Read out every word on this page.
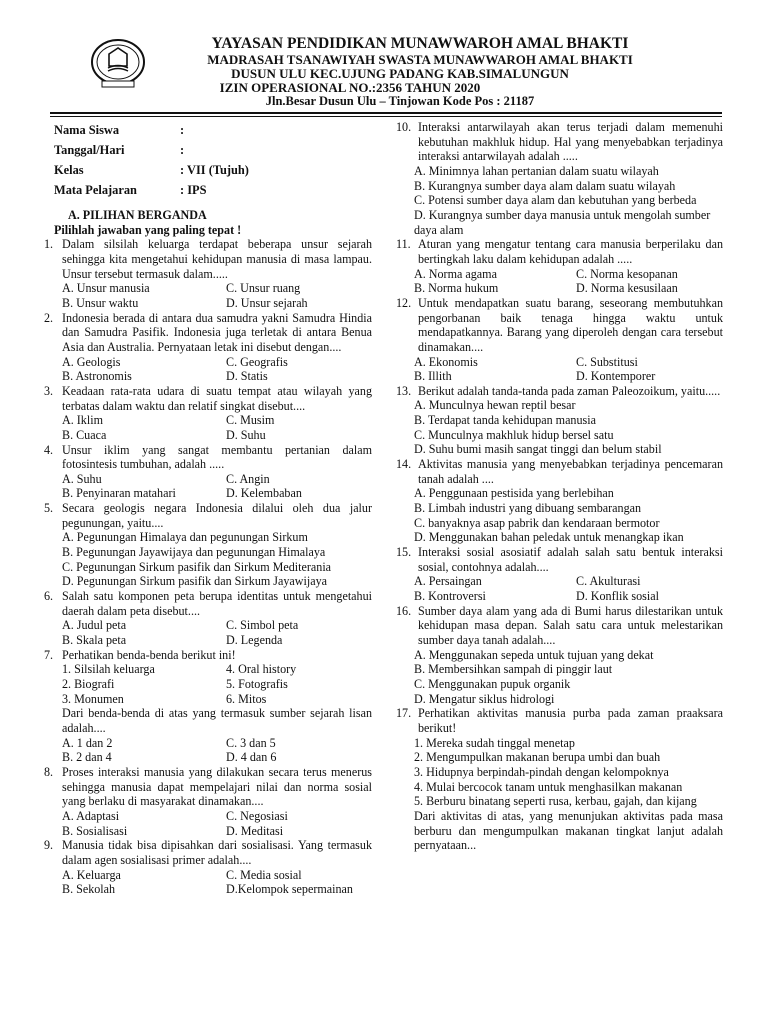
YAYASAN PENDIDIKAN MUNAWWAROH AMAL BHAKTI
MADRASAH TSANAWIYAH SWASTA MUNAWWAROH AMAL BHAKTI
DUSUN ULU KEC.UJUNG PADANG KAB.SIMALUNGUN
IZIN OPERASIONAL NO.:2356 TAHUN 2020
Jln.Besar Dusun Ulu – Tinjowan Kode Pos : 21187
Nama Siswa	:
Tanggal/Hari	:
Kelas	: VII (Tujuh)
Mata Pelajaran	: IPS
A. PILIHAN BERGANDA
Pilihlah jawaban yang paling tepat !
1. Dalam silsilah keluarga terdapat beberapa unsur sejarah sehingga kita mengetahui kehidupan manusia di masa lampau. Unsur tersebut termasuk dalam.....
A. Unsur manusia	C. Unsur ruang
B. Unsur waktu	D. Unsur sejarah
2. Indonesia berada di antara dua samudra yakni Samudra Hindia dan Samudra Pasifik. Indonesia juga terletak di antara Benua Asia dan Australia. Pernyataan letak ini disebut dengan....
A. Geologis	C. Geografis
B. Astronomis	D. Statis
3. Keadaan rata-rata udara di suatu tempat atau wilayah yang terbatas dalam waktu dan relatif singkat disebut....
A. Iklim	C. Musim
B. Cuaca	D. Suhu
4. Unsur iklim yang sangat membantu pertanian dalam fotosintesis tumbuhan, adalah .....
A. Suhu	C. Angin
B. Penyinaran matahari	D. Kelembaban
5. Secara geologis negara Indonesia dilalui oleh dua jalur pegunungan, yaitu....
A. Pegunungan Himalaya dan pegunungan Sirkum
B. Pegunungan Jayawijaya dan pegunungan Himalaya
C. Pegunungan Sirkum pasifik dan Sirkum Mediterania
D. Pegunungan Sirkum pasifik dan Sirkum Jayawijaya
6. Salah satu komponen peta berupa identitas untuk mengetahui daerah dalam peta disebut....
A. Judul peta	C. Simbol peta
B. Skala peta	D. Legenda
7. Perhatikan benda-benda berikut ini!
1. Silsilah keluarga	4. Oral history
2. Biografi	5. Fotografis
3. Monumen	6. Mitos
Dari benda-benda di atas yang termasuk sumber sejarah lisan adalah....
A. 1 dan 2	C. 3 dan 5
B. 2 dan 4	D. 4 dan 6
8. Proses interaksi manusia yang dilakukan secara terus menerus sehingga manusia dapat mempelajari nilai dan norma sosial yang berlaku di masyarakat dinamakan....
A. Adaptasi	C. Negosiasi
B. Sosialisasi	D. Meditasi
9. Manusia tidak bisa dipisahkan dari sosialisasi. Yang termasuk dalam agen sosialisasi primer adalah....
A. Keluarga	C. Media sosial
B. Sekolah	D.Kelompok sepermainan
10. Interaksi antarwilayah akan terus terjadi dalam memenuhi kebutuhan makhluk hidup. Hal yang menyebabkan terjadinya interaksi antarwilayah adalah .....
A. Minimnya lahan pertanian dalam suatu wilayah
B. Kurangnya sumber daya alam dalam suatu wilayah
C. Potensi sumber daya alam dan kebutuhan yang berbeda
D. Kurangnya sumber daya manusia untuk mengolah sumber daya alam
11. Aturan yang mengatur tentang cara manusia berperilaku dan bertingkah laku dalam kehidupan adalah .....
A. Norma agama	C. Norma kesopanan
B. Norma hukum	D. Norma kesusilaan
12. Untuk mendapatkan suatu barang, seseorang membutuhkan pengorbanan baik tenaga hingga waktu untuk mendapatkannya. Barang yang diperoleh dengan cara tersebut dinamakan....
A. Ekonomis	C. Substitusi
B. Illith	D. Kontemporer
13. Berikut adalah tanda-tanda pada zaman Paleozoikum, yaitu.....
A. Munculnya hewan reptil besar
B. Terdapat tanda kehidupan manusia
C. Munculnya makhluk hidup bersel satu
D. Suhu bumi masih sangat tinggi dan belum stabil
14. Aktivitas manusia yang menyebabkan terjadinya pencemaran tanah adalah ....
A. Penggunaan pestisida yang berlebihan
B. Limbah industri yang dibuang sembarangan
C. banyaknya asap pabrik dan kendaraan bermotor
D. Menggunakan bahan peledak untuk menangkap ikan
15. Interaksi sosial asosiatif adalah salah satu bentuk interaksi sosial, contohnya adalah....
A. Persaingan	C. Akulturasi
B. Kontroversi	D. Konflik sosial
16. Sumber daya alam yang ada di Bumi harus dilestarikan untuk kehidupan masa depan. Salah satu cara untuk melestarikan sumber daya tanah adalah....
A. Menggunakan sepeda untuk tujuan yang dekat
B. Membersihkan sampah di pinggir laut
C. Menggunakan pupuk organik
D. Mengatur siklus hidrologi
17. Perhatikan aktivitas manusia purba pada zaman praaksara berikut!
1. Mereka sudah tinggal menetap
2. Mengumpulkan makanan berupa umbi dan buah
3. Hidupnya berpindah-pindah dengan kelompoknya
4. Mulai bercocok tanam untuk menghasilkan makanan
5. Berburu binatang seperti rusa, kerbau, gajah, dan kijang
Dari aktivitas di atas, yang menunjukan aktivitas pada masa berburu dan mengumpulkan makanan tingkat lanjut adalah pernyataan...
